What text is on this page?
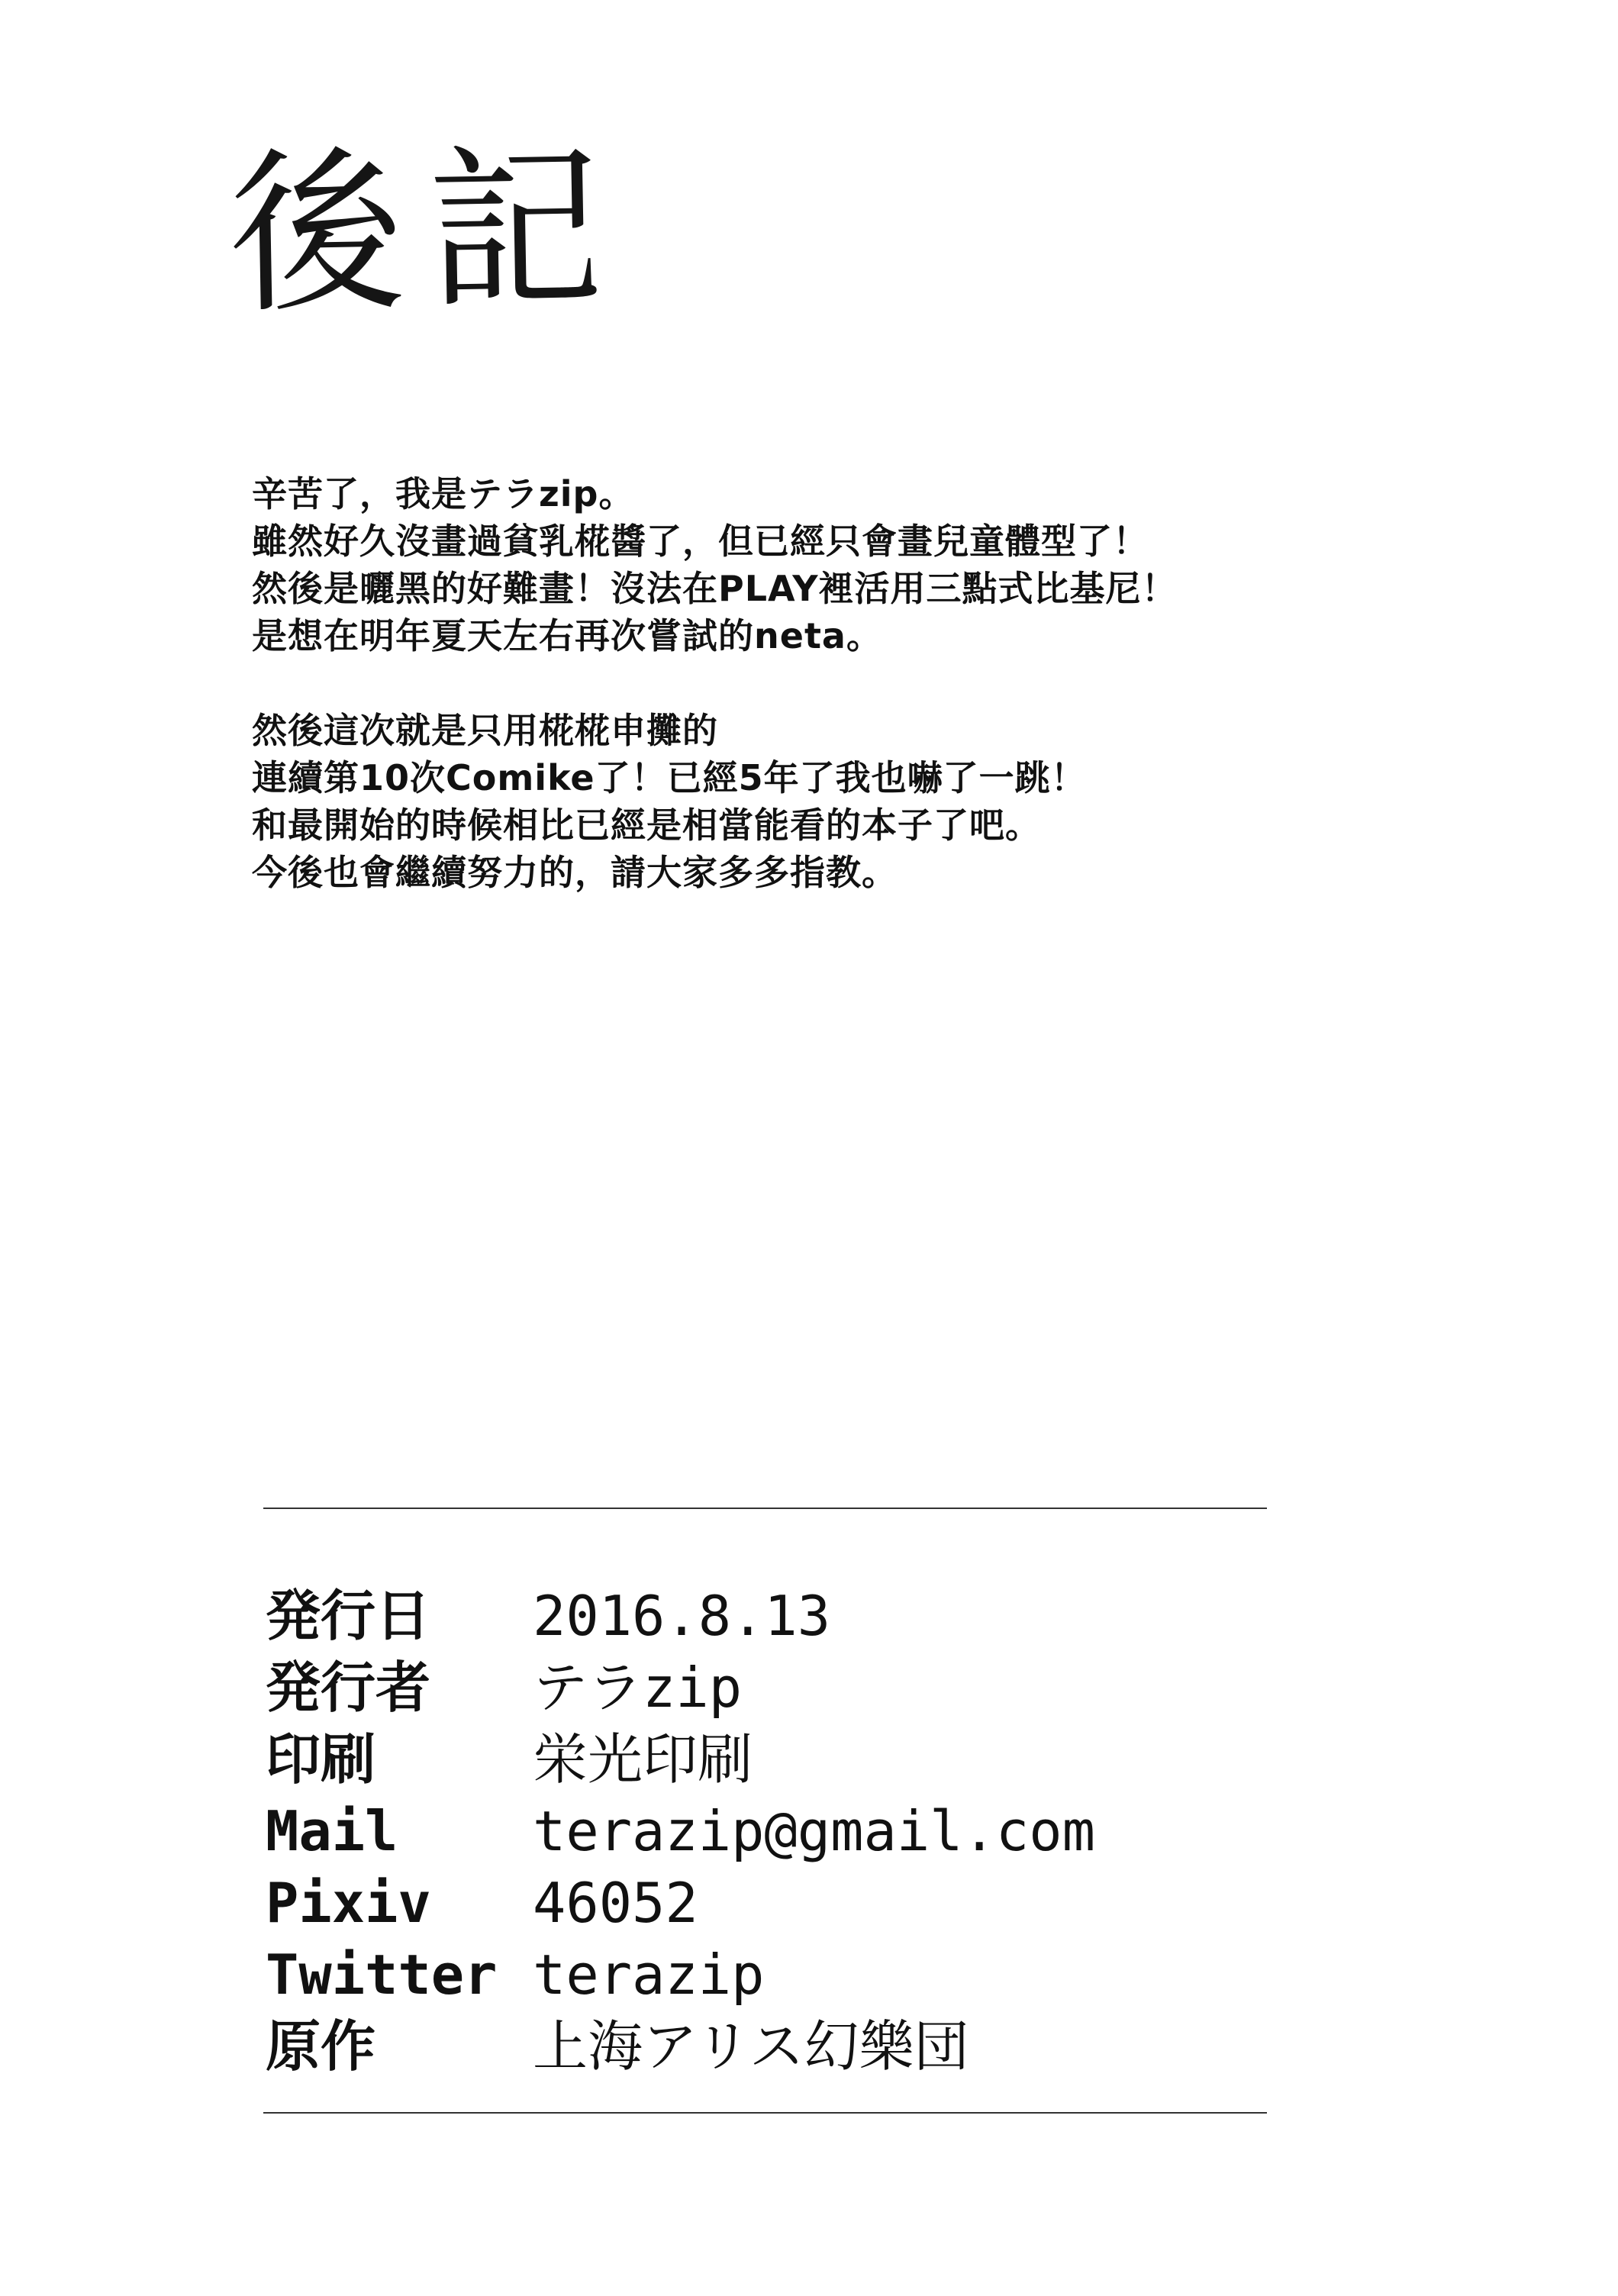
後記
辛苦了，我是テラzip。
雖然好久沒畫過貧乳椛醬了，但已經只會畫兒童體型了！
然後是曬黑的好難畫！沒法在PLAY裡活用三點式比基尼！
是想在明年夏天左右再次嘗試的neta。
然後這次就是只用椛椛申攤的
連續第10次Comike了！已經5年了我也嚇了一跳！
和最開始的時候相比已經是相當能看的本子了吧。
今後也會繼續努力的，請大家多多指教。
発行日 2016.8.13
発行者 テラzip
印刷	栄光印刷
Mail terazip@gmail.com
Pixiv 46052
Twitter terazip
原作	上海アリス幻樂団
